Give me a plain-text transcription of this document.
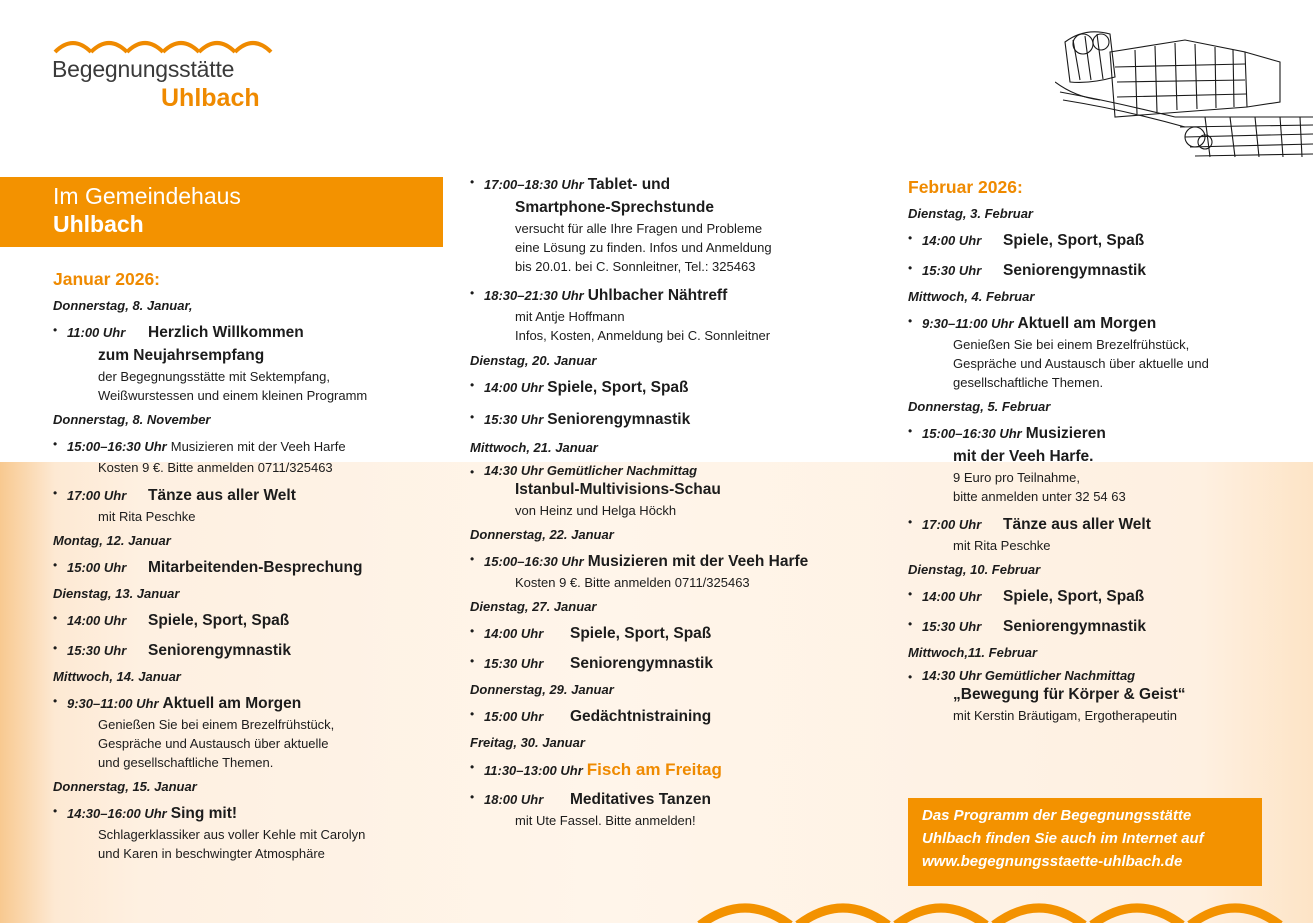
Begegnungsstätte
Uhlbach
Im Gemeindehaus
Uhlbach
Januar 2026:
Donnerstag, 8. Januar,
• 11:00 Uhr	Herzlich Willkommen
zum Neujahrsempfang
der Begegnungsstätte mit Sektempfang,
Weißwurstessen und einem kleinen Programm
Donnerstag, 8. November
• 15:00–16:30 Uhr Musizieren mit der Veeh Harfe
Kosten 9 €. Bitte anmelden 0711/325463
• 17:00 Uhr	Tänze aus aller Welt
mit Rita Peschke
Montag, 12. Januar
• 15:00 Uhr	Mitarbeitenden-Besprechung
Dienstag, 13. Januar
• 14:00 Uhr	Spiele, Sport, Spaß
• 15:30 Uhr	Seniorengymnastik
Mittwoch, 14. Januar
• 9:30–11:00 Uhr Aktuell am Morgen
Genießen Sie bei einem Brezelfrühstück,
Gespräche und Austausch über aktuelle
und gesellschaftliche Themen.
Donnerstag, 15. Januar
• 14:30–16:00 Uhr Sing mit!
Schlagerklassiker aus voller Kehle mit Carolyn
und Karen in beschwingter Atmosphäre
• 17:00–18:30 Uhr Tablet- und
Smartphone-Sprechstunde
versucht für alle Ihre Fragen und Probleme
eine Lösung zu finden. Infos und Anmeldung
bis 20.01. bei C. Sonnleitner, Tel.: 325463
• 18:30–21:30 Uhr Uhlbacher Nähtreff
mit Antje Hoffmann
Infos, Kosten, Anmeldung bei C. Sonnleitner
Dienstag, 20. Januar
• 14:00 Uhr Spiele, Sport, Spaß
• 15:30 Uhr Seniorengymnastik
Mittwoch, 21. Januar
• 14:30 Uhr Gemütlicher Nachmittag
Istanbul-Multivisions-Schau
von Heinz und Helga Höckh
Donnerstag, 22. Januar
• 15:00–16:30 Uhr Musizieren mit der Veeh Harfe
Kosten 9 €. Bitte anmelden 0711/325463
Dienstag, 27. Januar
• 14:00 Uhr	Spiele, Sport, Spaß
• 15:30 Uhr	Seniorengymnastik
Donnerstag, 29. Januar
• 15:00 Uhr	Gedächtnistraining
Freitag, 30. Januar
• 11:30–13:00 Uhr Fisch am Freitag
• 18:00 Uhr	Meditatives Tanzen
mit Ute Fassel. Bitte anmelden!
Februar 2026:
Dienstag, 3. Februar
• 14:00 Uhr	Spiele, Sport, Spaß
• 15:30 Uhr	Seniorengymnastik
Mittwoch, 4. Februar
• 9:30–11:00 Uhr Aktuell am Morgen
Genießen Sie bei einem Brezelfrühstück,
Gespräche und Austausch über aktuelle und
gesellschaftliche Themen.
Donnerstag, 5. Februar
• 15:00–16:30 Uhr Musizieren
mit der Veeh Harfe.
9 Euro pro Teilnahme,
bitte anmelden unter 32 54 63
• 17:00 Uhr	Tänze aus aller Welt
mit Rita Peschke
Dienstag, 10. Februar
• 14:00 Uhr	Spiele, Sport, Spaß
• 15:30 Uhr	Seniorengymnastik
Mittwoch,11. Februar
• 14:30 Uhr Gemütlicher Nachmittag
„Bewegung für Körper & Geist“
mit Kerstin Bräutigam, Ergotherapeutin
Das Programm der Begegnungsstätte
Uhlbach finden Sie auch im Internet auf
www.begegnungsstaette-uhlbach.de
